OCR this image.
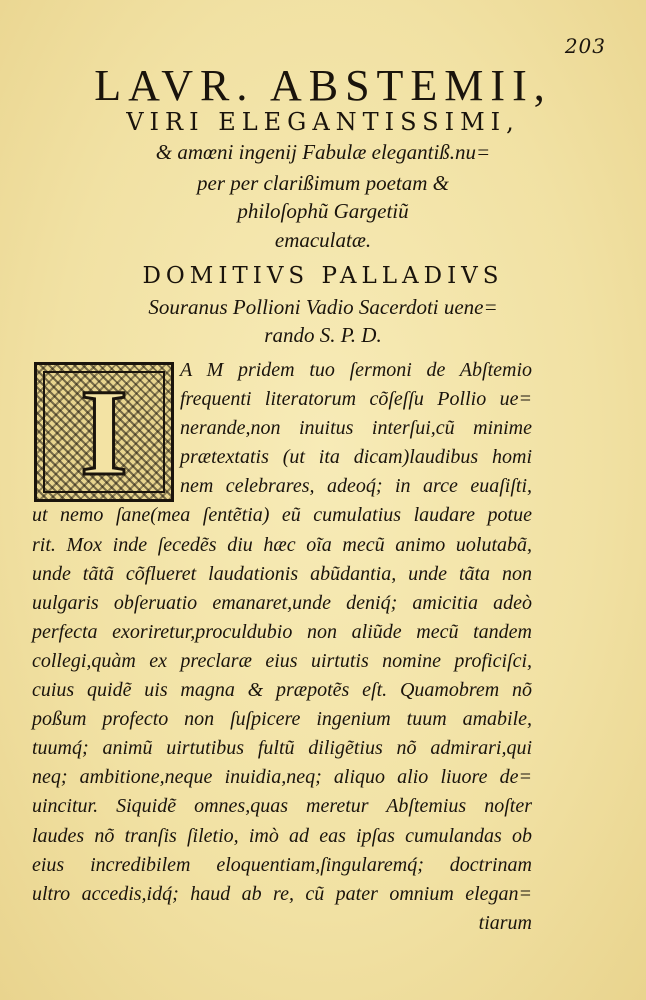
203
LAVR. ABSTEMII,
VIRI ELEGANTISSIMI,
& amœni ingenij Fabulæ elegantiß.nu=
per per clarißimum poetam &
philoſophũ Gargetiũ
emaculatæ.
DOMITIVS PALLADIVS
Souranus Pollioni Vadio Sacerdoti uene=
rando S. P. D.
I	A M pridem tuo ſermoni de Abſtemio
frequenti literatorum cõſeſſu Pollio ue=
nerande,non inuitus interſui,cũ minime
prætextatis (ut ita dicam)laudibus homi
nem celebrares, adeoq́; in arce euaſiſti,
ut nemo ſane(mea ſentẽtia) eũ cumulatius laudare potue
rit. Mox inde ſecedẽs diu hæc oĩa mecũ animo uolutabã,
unde tãtã cõflueret laudationis abũdantia, unde tãta non
uulgaris obſeruatio emanaret,unde deniq́; amicitia adeò
perfecta exoriretur,proculdubio non aliũde mecũ tandem
collegi,quàm ex preclaræ eius uirtutis nomine proficiſci,
cuius quidẽ uis magna & præpotẽs eſt. Quamobrem nõ
poßum profecto non ſuſpicere ingenium tuum amabile,
tuumq́; animũ uirtutibus fultũ diligẽtius nõ admirari,qui
neq; ambitione,neque inuidia,neq; aliquo alio liuore de=
uincitur. Siquidẽ omnes,quas meretur Abſtemius noſter
laudes nõ tranſis ſiletio, imò ad eas ipſas cumulandas ob
eius incredibilem eloquentiam,ſingularemq́; doctrinam
ultro accedis,idq́; haud ab re, cũ pater omnium elegan=
tiarum
